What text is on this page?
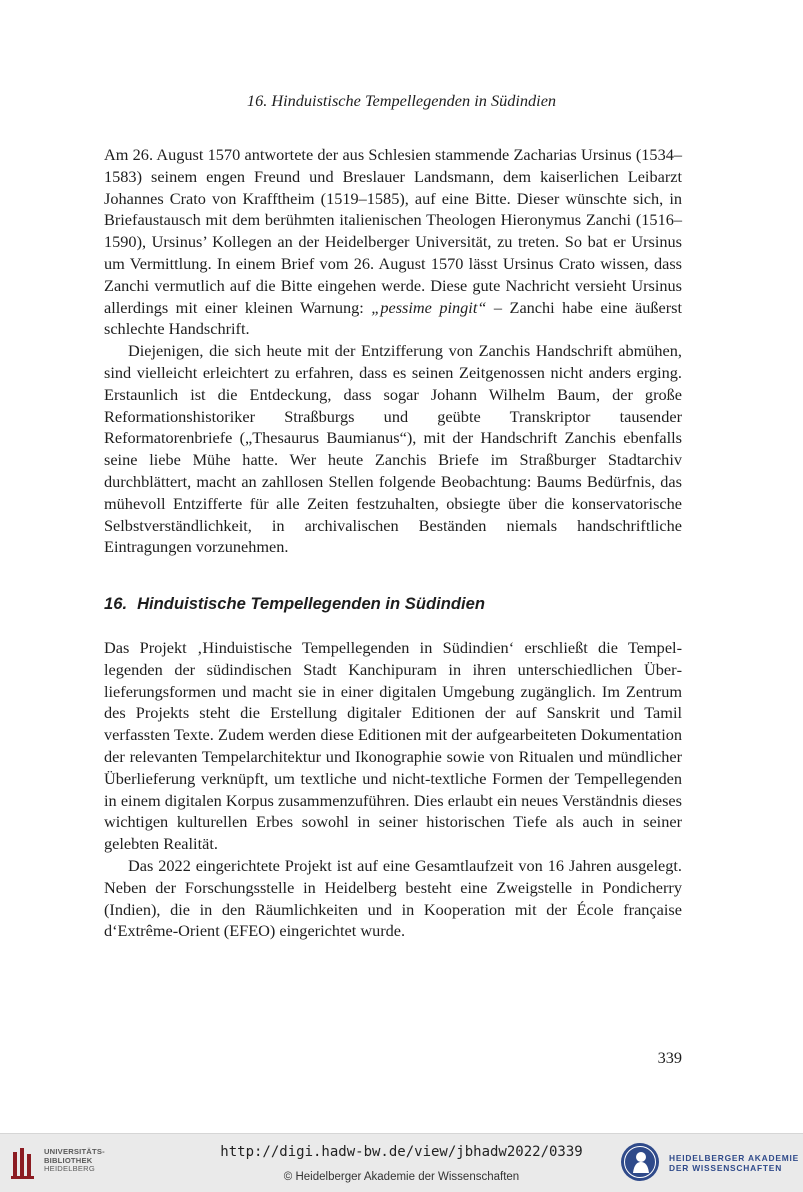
16. Hinduistische Tempellegenden in Südindien

Am 26. August 1570 antwortete der aus Schlesien stammende Zacharias Ursinus (1534–1583) seinem engen Freund und Breslauer Landsmann, dem kaiserlichen Leibarzt Johannes Crato von Krafftheim (1519–1585), auf eine Bitte. Dieser wünschte sich, in Briefaustausch mit dem berühmten italienischen Theologen Hieronymus Zanchi (1516–1590), Ursinus’ Kollegen an der Heidelberger Universität, zu treten. So bat er Ursinus um Vermittlung. In einem Brief vom 26. August 1570 lässt Ursinus Crato wissen, dass Zanchi vermutlich auf die Bitte eingehen werde. Diese gute Nachricht versieht Ursinus allerdings mit einer kleinen Warnung: „pessime pingit“ – Zanchi habe eine äußerst schlechte Handschrift.

Diejenigen, die sich heute mit der Entzifferung von Zanchis Handschrift abmühen, sind vielleicht erleichtert zu erfahren, dass es seinen Zeitgenossen nicht anders erging. Erstaunlich ist die Entdeckung, dass sogar Johann Wilhelm Baum, der große Reformationshistoriker Straßburgs und geübte Transkriptor tausender Reformatorenbriefe („Thesaurus Baumianus“), mit der Handschrift Zanchis ebenfalls seine liebe Mühe hatte. Wer heute Zanchis Briefe im Straßburger Stadtarchiv durchblättert, macht an zahllosen Stellen folgende Beobachtung: Baums Bedürfnis, das mühevoll Entzifferte für alle Zeiten festzuhalten, obsiegte über die konservatorische Selbstverständlichkeit, in archivalischen Beständen niemals handschriftliche Eintragungen vorzunehmen.

16. Hinduistische Tempellegenden in Südindien

Das Projekt ‚Hinduistische Tempellegenden in Südindien‘ erschließt die Tempellegenden der südindischen Stadt Kanchipuram in ihren unterschiedlichen Überlieferungsformen und macht sie in einer digitalen Umgebung zugänglich. Im Zentrum des Projekts steht die Erstellung digitaler Editionen der auf Sanskrit und Tamil verfassten Texte. Zudem werden diese Editionen mit der aufgearbeiteten Dokumentation der relevanten Tempelarchitektur und Ikonographie sowie von Ritualen und mündlicher Überlieferung verknüpft, um textliche und nicht-textliche Formen der Tempellegenden in einem digitalen Korpus zusammenzuführen. Dies erlaubt ein neues Verständnis dieses wichtigen kulturellen Erbes sowohl in seiner historischen Tiefe als auch in seiner gelebten Realität.

Das 2022 eingerichtete Projekt ist auf eine Gesamtlaufzeit von 16 Jahren ausgelegt. Neben der Forschungsstelle in Heidelberg besteht eine Zweigstelle in Pondicherry (Indien), die in den Räumlichkeiten und in Kooperation mit der École française d‘Extrême-Orient (EFEO) eingerichtet wurde.

339
UNIVERSITÄTS-
BIBLIOTHEK
HEIDELBERG
http://digi.hadw-bw.de/view/jbhadw2022/0339
© Heidelberger Akademie der Wissenschaften
HEIDELBERGER AKADEMIE
DER WISSENSCHAFTEN
